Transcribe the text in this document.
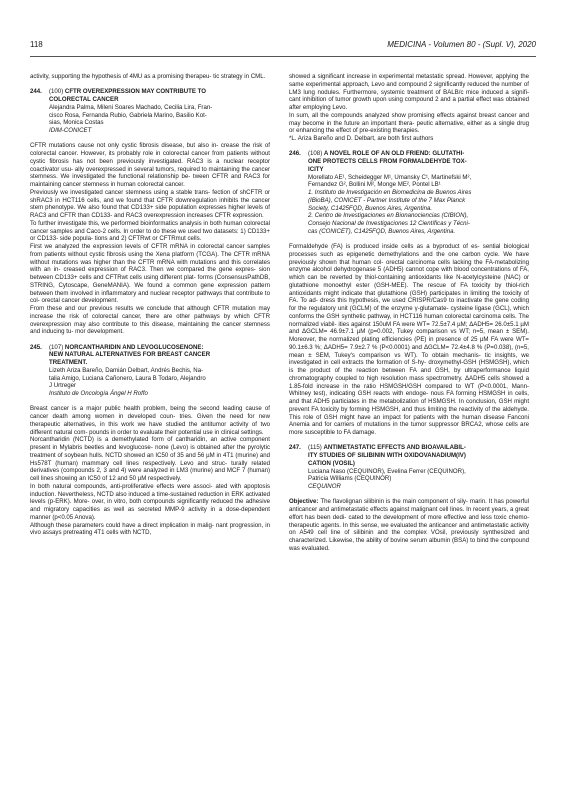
118	MEDICINA - Volumen 80 - (Supl. V), 2020

activity, supporting the hypothesis of 4MU as a promising therapeu- tic strategy in CML.

244.	(100) CFTR OVEREXPRESSION MAY CONTRIBUTE TO
COLORECTAL CANCER
Alejandra Palma, Mileni Soares Machado, Cecilia Lira, Fran-
cisco Rosa, Fernanda Rubio, Gabriela Marino, Basilio Kot-
sias, Monica Costas
IDIM-CONICET

CFTR mutations cause not only cystic fibrosis disease, but also in- crease the risk of colorectal cancer. However, its probably role in colorectal cancer from patients without cystic fibrosis has not been previously investigated. RAC3 is a nuclear receptor coactivator usu- ally overexpressed in several tumors, required to maintaining the cancer stemness. We investigated the functional relationship be- tween CFTR and RAC3 for maintaining cancer stemness in human colorectal cancer.

Previously we investigated cancer stemness using a stable trans- fection of shCFTR or shRAC3 in HCT116 cells, and we found that CFTR downregulation inhibits the cancer stem phenotype. We also found that CD133+ side population expresses higher levels of RAC3 and CFTR than CD133- and RAC3 overexpression increases CFTR expression.

To further investigate this, we performed bioinformatics analysis in both human colorectal cancer samples and Caco-2 cells. In order to do these we used two datasets: 1) CD133+ or CD133- side popula- tions and 2) CFTRwt or CFTRmut cells.

First we analyzed the expression levels of CFTR mRNA in colorectal cancer samples from patients without cystic fibrosis using the Xena platform (TCGA). The CFTR mRNA without mutations was higher than the CFTR mRNA with mutations and this correlates with an in- creased expression of RAC3. Then we compared the gene expres- sion between CD133+ cells and CFTRwt cells using different plat- forms (ConsensusPathDB, STRING, Cytoscape, GeneMANIA). We found a common gene expression pattern between them involved in inflammatory and nuclear receptor pathways that contribute to col- orectal cancer development.

From these and our previous results we conclude that although CFTR mutation may increase the risk of colorectal cancer, there are other pathways by which CFTR overexpression may also contribute to this disease, maintaining the cancer stemness and inducing tu- mor development.

245.	(107) NORCANTHARIDIN AND LEVOGLUCOSENONE:
NEW NATURAL ALTERNATIVES FOR BREAST CANCER
TREATMENT.
Lizeth Ariza Bareño, Damián Delbart, Andrés Bechis, Na-
talia Amigo, Luciana Cañonero, Laura B Todaro, Alejandro
J Urtreger
Instituto de Oncología Ángel H Roffo

Breast cancer is a major public health problem, being the second leading cause of cancer death among women in developed coun- tries. Given the need for new therapeutic alternatives, in this work we have studied the antitumor activity of two different natural com- pounds in order to evaluate their potential use in clinical settings.

Norcantharidin (NCTD) is a demethylated form of cantharidin, an active component present in Mylabris beetles and levoglucose- none (Levo) is obtained after the pyrolytic treatment of soybean hulls. NCTD showed an IC50 of 35 and 56 µM in 4T1 (murine) and Hs578T (human) mammary cell lines respectively. Levo and struc- turally related derivatives (compounds 2, 3 and 4) were analyzed in LM3 (murine) and MCF 7 (human) cell lines showing an IC50 of 12 and 50 µM respectively.

In both natural compounds, anti-proliferative effects were associ- ated with apoptosis induction. Nevertheless, NCTD also induced a time-sustained reduction in ERK activated levels (p-ERK). More- over, in vitro, both compounds significantly reduced the adhesive and migratory capacities as well as secreted MMP-9 activity in a dose-dependent manner (p<0.05 Anova).

Although these parameters could have a direct implication in malig- nant progression, in vivo assays pretreating 4T1 cells with NCTD,

showed a significant increase in experimental metastatic spread. However, applying the same experimental approach, Levo and compound 2 significantly reduced the number of LM3 lung nodules. Furthermore, systemic treatment of BALB/c mice induced a signifi- cant inhibition of tumor growth upon using compound 2 and a partial effect was obtained after employing Levo.

In sum, all the compounds analyzed show promising effects against breast cancer and may become in the future an important thera- peutic alternative, either as a single drug or enhancing the effect of pre-existing therapies.

*L. Ariza Bareño and D. Delbart, are both first authors

246.	(108) A NOVEL ROLE OF AN OLD FRIEND: GLUTATHI-
ONE PROTECTS CELLS FROM FORMALDEHYDE TOX-
ICITY
Morellato AE¹, Scheidegger M¹, Umansky C¹, Martinefski M²,
Fernandez G², Bollini M², Monge ME², Pontel LB¹
1. Instituto de Investigación en Biomedicina de Buenos Aires
(IBioBA), CONICET - Partner Institute of the 7 Max Planck
Society, C1425FQD, Buenos Aires, Argentina.
2. Centro de Investigaciones en Bionanociencias (CIBION),
Consejo Nacional de Investigaciones 12 Científicas y Técni-
cas (CONICET), C1425FQD, Buenos Aires, Argentina.

Formaldehyde (FA) is produced inside cells as a byproduct of es- sential biological processes such as epigenetic demethylations and the one carbon cycle. We have previously shown that human col- orectal carcinoma cells lacking the FA-metabolizing enzyme alcohol dehydrogenase 5 (ADH5) cannot cope with blood concentrations of FA, which can be reverted by thiol-containing antioxidants like N-acetylcysteine (NAC) or glutathione monoethyl ester (GSH-MEE). The rescue of FA toxicity by thiol-rich antioxidants might indicate that glutathione (GSH) participates in limiting the toxicity of FA. To ad- dress this hypothesis, we used CRISPR/Cas9 to inactivate the gene coding for the regulatory unit (GCLM) of the enzyme γ-glutamate- cysteine ligase (GCL), which conforms the GSH synthetic pathway, in HCT116 human colorectal carcinoma cells. The normalized viabil- ities against 150uM FA were WT= 72.5±7.4 µM; ΔADH5= 26.0±5.1 µM and ΔGCLM= 46.9±7.1 µM (p=0.002, Tukey comparison vs WT; n=5, mean ± SEM). Moreover, the normalized plating efficiencies (PE) in presence of 25 µM FA were WT= 90.1±6.3 %; ΔADH5= 7.9±2.7 % (P<0.0001) and ΔGCLM= 72.4±4.8 % (P=0.038), (n=5, mean ± SEM, Tukey's comparison vs WT). To obtain mechanis- tic insights, we investigated in cell extracts the formation of S-hy- droxymethyl-GSH (HSMGSH), which is the product of the reaction between FA and GSH, by ultraperformance liquid chromatography coupled to high resolution mass spectrometry. ΔADH5 cells showed a 1.85-fold increase in the ratio HSMGSH/GSH compared to WT (P<0.0001, Mann-Whitney test), indicating GSH reacts with endoge- nous FA forming HSMGSH in cells, and that ADH5 particiates in the metabolization of HSMGSH. In conclusion, GSH might prevent FA toxicity by forming HSMGSH, and thus limiting the reactivity of the aldehyde. This role of GSH might have an impact for patients with the human disease Fanconi Anemia and for carriers of mutations in the tumor suppressor BRCA2, whose cells are more susceptible to FA damage.

247.	(115) ANTIMETASTATIC EFFECTS AND BIOAVAILABIL-
ITY STUDIES OF SILIBININ WITH OXIDOVANADIUM(IV)
CATION (VOSIL)
Luciana Naso (CEQUINOR), Evelina Ferrer (CEQUINOR),
Patricia Williams (CEQUINOR)
CEQUINOR

Objective: The flavolignan silibinin is the main component of sily- marin. It has powerful anticancer and antimetastatic effects against malignant cell lines. In recent years, a great effort has been dedi- cated to the development of more effective and less toxic chemo- therapeutic agents. In this sense, we evaluated the anticancer and antimetastatic activity on A549 cell line of silibinin and the complex VOsil, previously synthesized and characterized. Likewise, the ability of bovine serum albumin (BSA) to bind the compound was evaluated.
